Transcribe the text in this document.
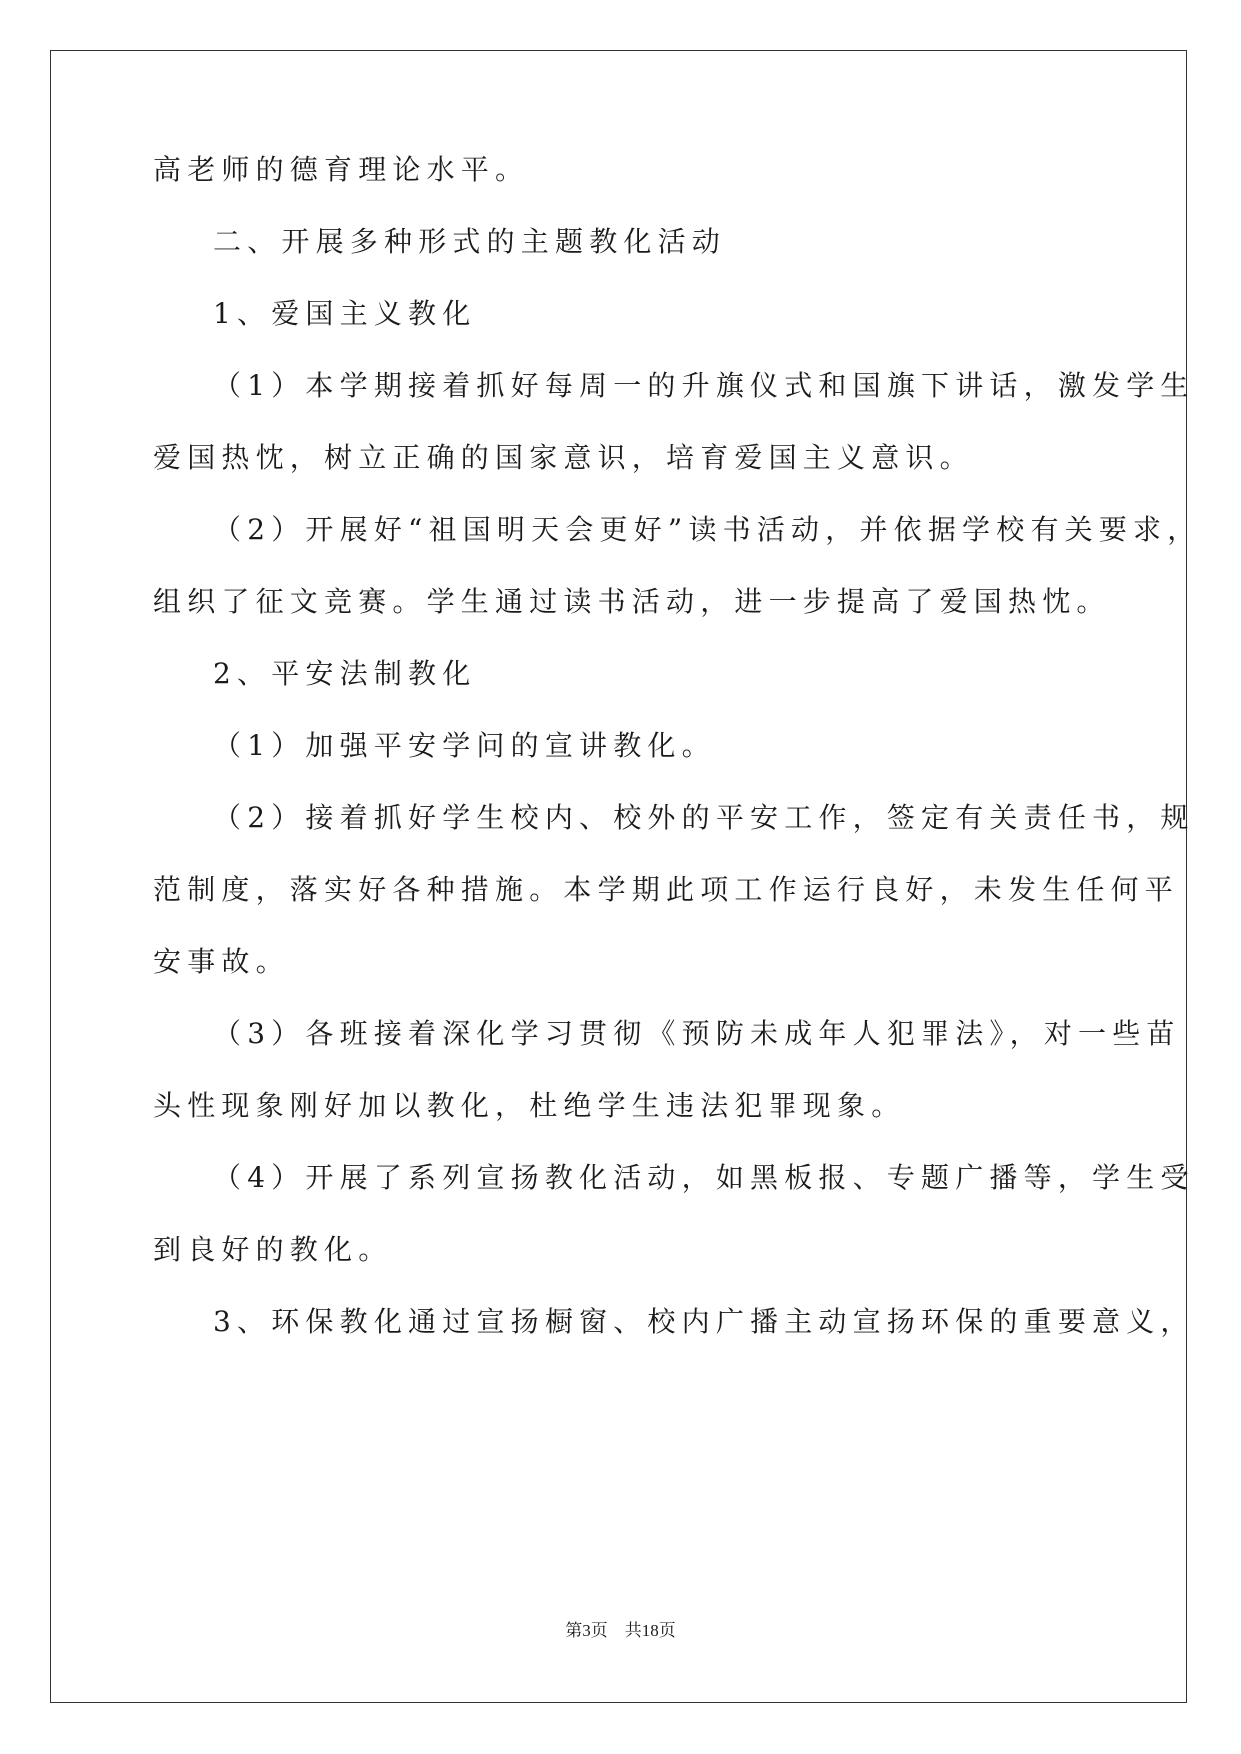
高老师的德育理论水平。
二、开展多种形式的主题教化活动
1、爱国主义教化
（1）本学期接着抓好每周一的升旗仪式和国旗下讲话，激发学生
爱国热忱，树立正确的国家意识，培育爱国主义意识。
（2）开展好“祖国明天会更好”读书活动，并依据学校有关要求，
组织了征文竞赛。学生通过读书活动，进一步提高了爱国热忱。
2、平安法制教化
（1）加强平安学问的宣讲教化。
（2）接着抓好学生校内、校外的平安工作，签定有关责任书，规
范制度，落实好各种措施。本学期此项工作运行良好，未发生任何平
安事故。
（3）各班接着深化学习贯彻《预防未成年人犯罪法》，对一些苗
头性现象刚好加以教化，杜绝学生违法犯罪现象。
（4）开展了系列宣扬教化活动，如黑板报、专题广播等，学生受
到良好的教化。
3、环保教化通过宣扬橱窗、校内广播主动宣扬环保的重要意义，
第3页 共18页
